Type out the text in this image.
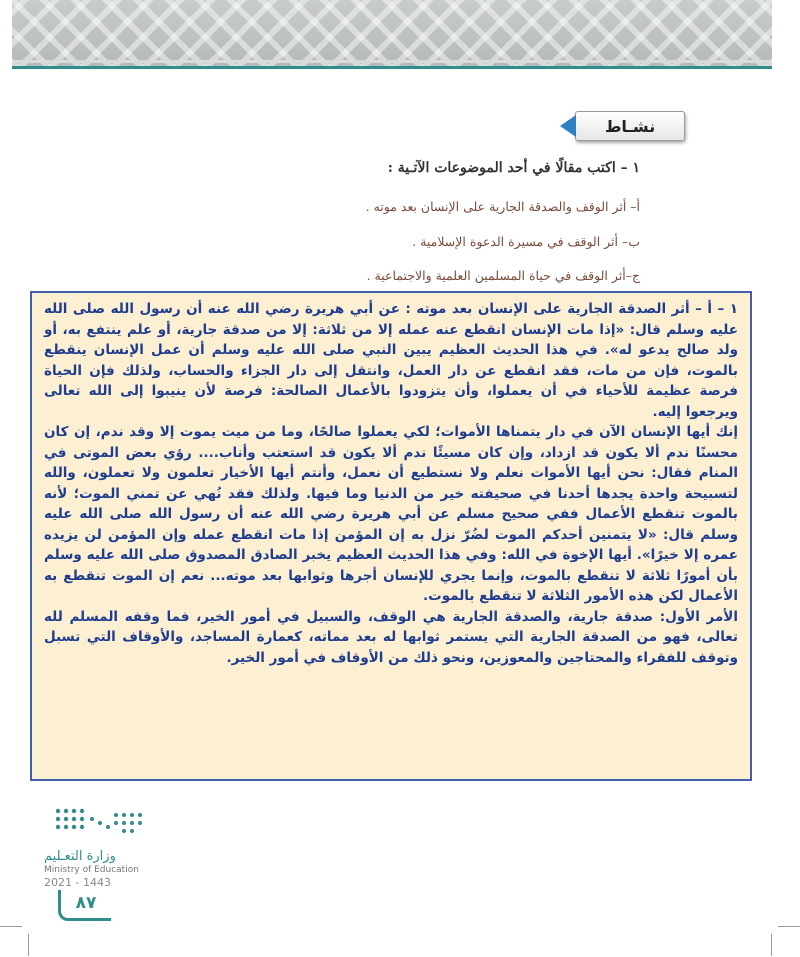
نشـاط
١ – اكتب مقالًا في أحد الموضوعات الآتـية :
أ– أثر الوقف والصدقة الجارية على الإنسان بعد موته .
ب– أثر الوقف في مسيرة الدعوة الإسلامية .
ج–أثر الوقف في حياة المسلمين العلمية والاجتماعية .

١ – أ – أثر الصدقة الجارية على الإنسان بعد موته : عن أبي هريرة رضي الله عنه أن رسول الله صلى الله عليه وسلم قال: «إذا مات الإنسان انقطع عنه عمله إلا من ثلاثة: إلا من صدقة جارية، أو علم ينتفع به، أو ولد صالح يدعو له». في هذا الحديث العظيم يبين النبي صلى الله عليه وسلم أن عمل الإنسان ينقطع بالموت، فإن من مات، فقد انقطع عن دار العمل، وانتقل إلى دار الجزاء والحساب، ولذلك فإن الحياة فرصة عظيمة للأحياء في أن يعملوا، وأن يتزودوا بالأعمال الصالحة: فرصة لأن ينيبوا إلى الله تعالى ويرجعوا إليه.

إنك أيها الإنسان الآن في دار يتمناها الأموات؛ لكي يعملوا صالحًا، وما من ميت يموت إلا وقد ندم، إن كان محسنًا ندم ألا يكون قد ازداد، وإن كان مسيئًا ندم ألا يكون قد استعتب وأناب.... رؤي بعض الموتى في المنام فقال: نحن أيها الأموات نعلم ولا نستطيع أن نعمل، وأنتم أيها الأخيار تعلمون ولا تعملون، والله لتسبيحة واحدة يجدها أحدنا في صحيفته خير من الدنيا وما فيها. ولذلك فقد نُهي عن تمني الموت؛ لأنه بالموت تنقطع الأعمال ففي صحيح مسلم عن أبي هريرة رضي الله عنه أن رسول الله صلى الله عليه وسلم قال: «لا يتمنين أحدكم الموت لضُرّ نزل به إن المؤمن إذا مات انقطع عمله وإن المؤمن لن يزيده عمره إلا خيرًا». أيها الإخوة في الله: وفي هذا الحديث العظيم يخبر الصادق المصدوق صلى الله عليه وسلم بأن أمورًا ثلاثة لا تنقطع بالموت، وإنما يجري للإنسان أجرها وثوابها بعد موته... نعم إن الموت تنقطع به الأعمال لكن هذه الأمور الثلاثة لا تنقطع بالموت.

الأمر الأول: صدقة جارية، والصدقة الجارية هي الوقف، والسبيل في أمور الخير، فما وقفه المسلم لله تعالى، فهو من الصدقة الجارية التي يستمر ثوابها له بعد مماته، كعمارة المساجد، والأوقاف التي تسبل وتوقف للفقراء والمحتاجين والمعوزين، ونحو ذلك من الأوقاف في أمور الخير.

وزارة التعـليم
Ministry of Education
2021 - 1443
٨٧
